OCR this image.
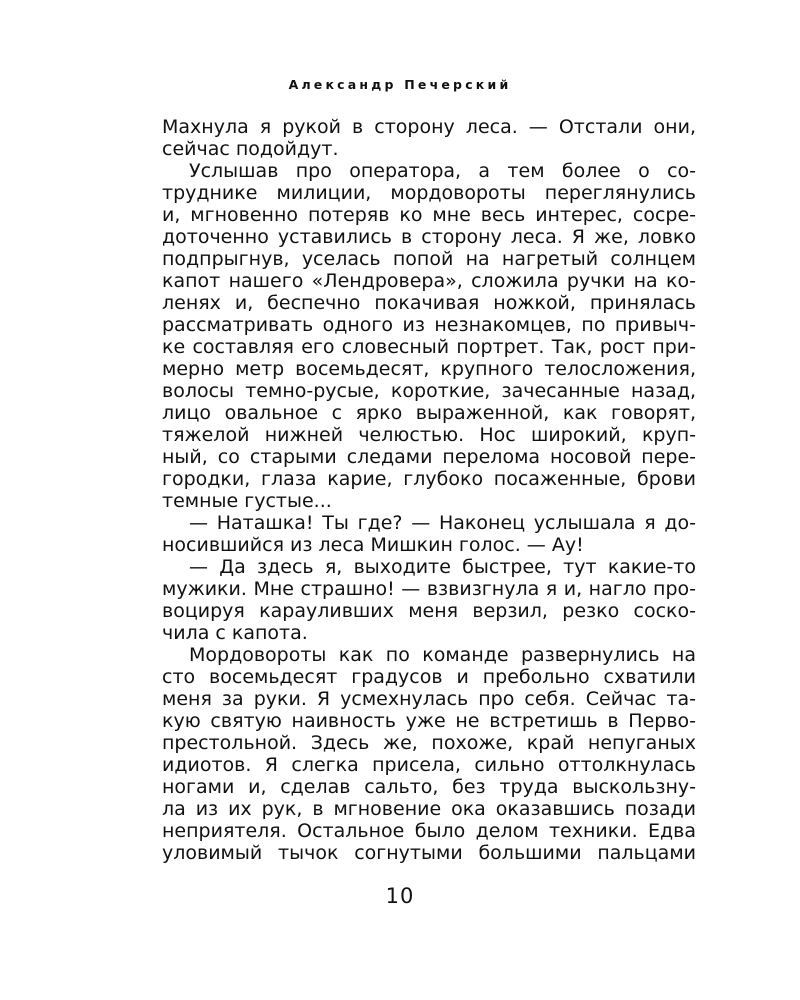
Александр Печерский
Махнула я рукой в сторону леса. — Отстали они,
сейчас подойдут.
Услышав про оператора, а тем более о со-
труднике милиции, мордовороты переглянулись
и, мгновенно потеряв ко мне весь интерес, сосре-
доточенно уставились в сторону леса. Я же, ловко
подпрыгнув, уселась попой на нагретый солнцем
капот нашего «Лендровера», сложила ручки на ко-
ленях и, беспечно покачивая ножкой, принялась
рассматривать одного из незнакомцев, по привыч-
ке составляя его словесный портрет. Так, рост при-
мерно метр восемьдесят, крупного телосложения,
волосы темно-русые, короткие, зачесанные назад,
лицо овальное с ярко выраженной, как говорят,
тяжелой нижней челюстью. Нос широкий, круп-
ный, со старыми следами перелома носовой пере-
городки, глаза карие, глубоко посаженные, брови
темные густые...
— Наташка! Ты где? — Наконец услышала я до-
носившийся из леса Мишкин голос. — Ау!
— Да здесь я, выходите быстрее, тут какие-то
мужики. Мне страшно! — взвизгнула я и, нагло про-
воцируя карауливших меня верзил, резко соско-
чила с капота.
Мордовороты как по команде развернулись на
сто восемьдесят градусов и пребольно схватили
меня за руки. Я усмехнулась про себя. Сейчас та-
кую святую наивность уже не встретишь в Перво-
престольной. Здесь же, похоже, край непуганых
идиотов. Я слегка присела, сильно оттолкнулась
ногами и, сделав сальто, без труда выскользну-
ла из их рук, в мгновение ока оказавшись позади
неприятеля. Остальное было делом техники. Едва
уловимый тычок согнутыми большими пальцами
10
